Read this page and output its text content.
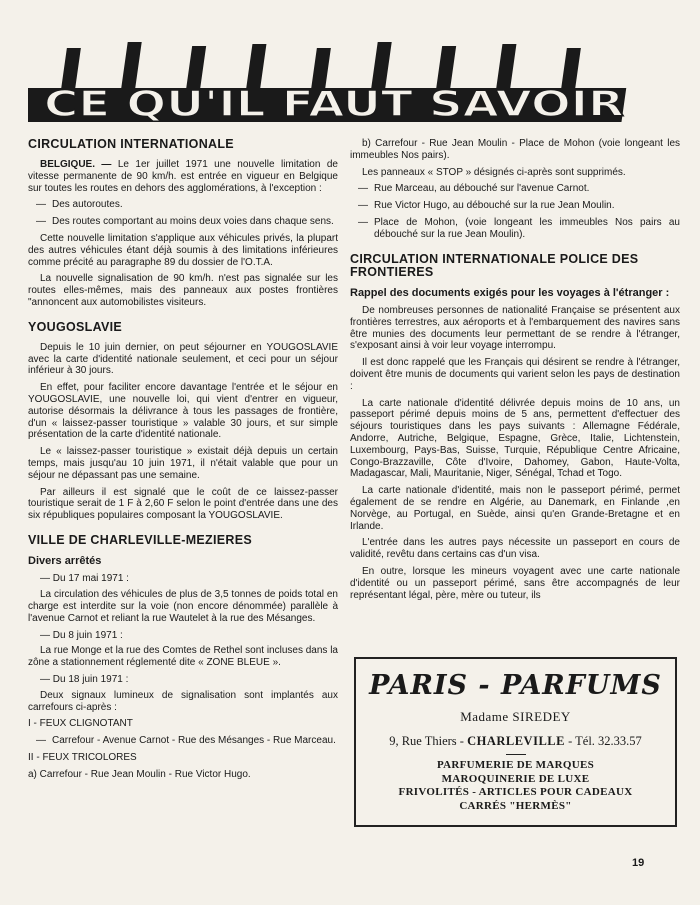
CE QU'IL FAUT SAVOIR
CIRCULATION INTERNATIONALE

BELGIQUE. — Le 1er juillet 1971 une nouvelle limitation de vitesse permanente de 90 km/h. est entrée en vigueur en Belgique sur toutes les routes en dehors des agglomérations, à l'exception :

— Des autoroutes.

— Des routes comportant au moins deux voies dans chaque sens.

Cette nouvelle limitation s'applique aux véhicules privés, la plupart des autres véhicules étant déjà soumis à des limitations inférieures comme précité au paragraphe 89 du dossier de l'O.T.A.

La nouvelle signalisation de 90 km/h. n'est pas signalée sur les routes elles-mêmes, mais des panneaux aux postes frontières "annoncent aux automobilistes visiteurs.

YOUGOSLAVIE

Depuis le 10 juin dernier, on peut séjourner en YOUGOSLAVIE avec la carte d'identité nationale seulement, et ceci pour un séjour inférieur à 30 jours.

En effet, pour faciliter encore davantage l'entrée et le séjour en YOUGOSLAVIE, une nouvelle loi, qui vient d'entrer en vigueur, autorise désormais la délivrance à tous les passages de frontière, d'un « laissez-passer touristique » valable 30 jours, et sur simple présentation de la carte d'identité nationale.

Le « laissez-passer touristique » existait déjà depuis un certain temps, mais jusqu'au 10 juin 1971, il n'était valable que pour un séjour ne dépassant pas une semaine.

Par ailleurs il est signalé que le coût de ce laissez-passer touristique serait de 1 F à 2,60 F selon le point d'entrée dans une des six républiques populaires composant la YOUGOSLAVIE.

VILLE DE CHARLEVILLE-MEZIERES
Divers arrêtés

— Du 17 mai 1971 :

La circulation des véhicules de plus de 3,5 tonnes de poids total en charge est interdite sur la voie (non encore dénommée) parallèle à l'avenue Carnot et reliant la rue Wautelet à la rue des Mésanges.

— Du 8 juin 1971 :

La rue Monge et la rue des Comtes de Rethel sont incluses dans la zône a stationnement réglementé dite « ZONE BLEUE ».

— Du 18 juin 1971 :

Deux signaux lumineux de signalisation sont implantés aux carrefours ci-après :

I - FEUX CLIGNOTANT

— Carrefour - Avenue Carnot - Rue des Mésanges - Rue Marceau.

II - FEUX TRICOLORES

a) Carrefour - Rue Jean Moulin - Rue Victor Hugo.

b) Carrefour - Rue Jean Moulin - Place de Mohon (voie longeant les immeubles Nos pairs).

Les panneaux « STOP » désignés ci-après sont supprimés.

— Rue Marceau, au débouché sur l'avenue Carnot.

— Rue Victor Hugo, au débouché sur la rue Jean Moulin.

— Place de Mohon, (voie longeant les immeubles Nos pairs au débouché sur la rue Jean Moulin).

CIRCULATION INTERNATIONALE POLICE DES FRONTIERES
Rappel des documents exigés pour les voyages à l'étranger :

De nombreuses personnes de nationalité Française se présentent aux frontières terrestres, aux aéroports et à l'embarquement des navires sans être munies des documents leur permettant de se rendre à l'étranger, s'exposant ainsi à voir leur voyage interrompu.

Il est donc rappelé que les Français qui désirent se rendre à l'étranger, doivent être munis de documents qui varient selon les pays de destination :

La carte nationale d'identité délivrée depuis moins de 10 ans, un passeport périmé depuis moins de 5 ans, permettent d'effectuer des séjours touristiques dans les pays suivants : Allemagne Fédérale, Andorre, Autriche, Belgique, Espagne, Grèce, Italie, Lichtenstein, Luxembourg, Pays-Bas, Suisse, Turquie, République Centre Africaine, Congo-Brazzaville, Côte d'Ivoire, Dahomey, Gabon, Haute-Volta, Madagascar, Mali, Mauritanie, Niger, Sénégal, Tchad et Togo.

La carte nationale d'identité, mais non le passeport périmé, permet également de se rendre en Algérie, au Danemark, en Finlande ,en Norvège, au Portugal, en Suède, ainsi qu'en Grande-Bretagne et en Irlande.

L'entrée dans les autres pays nécessite un passeport en cours de validité, revêtu dans certains cas d'un visa.

En outre, lorsque les mineurs voyagent avec une carte nationale d'identité ou un passeport périmé, sans être accompagnés de leur représentant légal, père, mère ou tuteur, ils

PARIS - PARFUMS
Madame SIREDEY
9, Rue Thiers - CHARLEVILLE - Tél. 32.33.57
PARFUMERIE DE MARQUES
MAROQUINERIE DE LUXE
FRIVOLITÉS - ARTICLES POUR CADEAUX
CARRÉS "HERMÈS"
19
